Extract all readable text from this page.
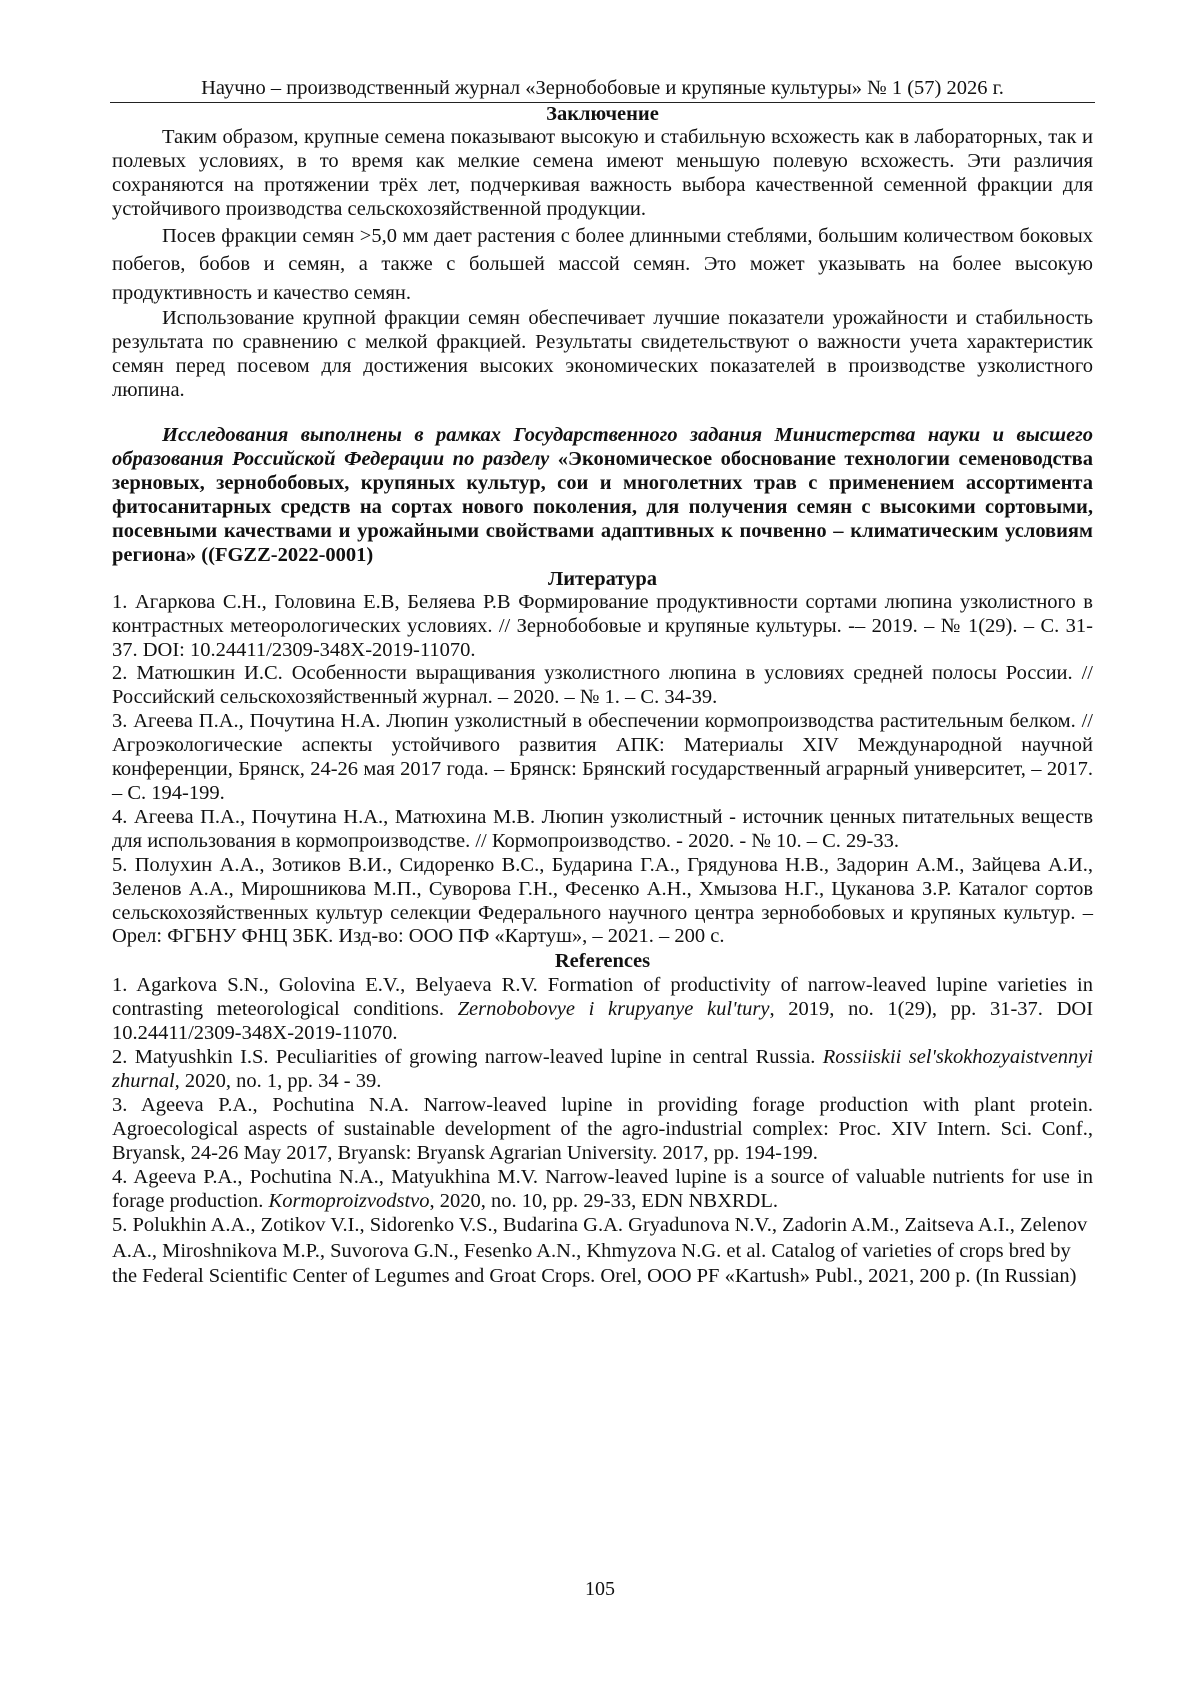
Научно – производственный журнал «Зернобобовые и крупяные культуры» № 1 (57) 2026 г.
Заключение

Таким образом, крупные семена показывают высокую и стабильную всхожесть как в лабораторных, так и полевых условиях, в то время как мелкие семена имеют меньшую полевую всхожесть. Эти различия сохраняются на протяжении трёх лет, подчеркивая важность выбора качественной семенной фракции для устойчивого производства сельскохозяйственной продукции.

Посев фракции семян >5,0 мм дает растения с более длинными стеблями, большим количеством боковых побегов, бобов и семян, а также с большей массой семян. Это может указывать на более высокую продуктивность и качество семян.

Использование крупной фракции семян обеспечивает лучшие показатели урожайности и стабильность результата по сравнению с мелкой фракцией. Результаты свидетельствуют о важности учета характеристик семян перед посевом для достижения высоких экономических показателей в производстве узколистного люпина.

Исследования выполнены в рамках Государственного задания Министерства науки и высшего образования Российской Федерации по разделу «Экономическое обоснование технологии семеноводства зерновых, зернобобовых, крупяных культур, сои и многолетних трав с применением ассортимента фитосанитарных средств на сортах нового поколения, для получения семян с высокими сортовыми, посевными качествами и урожайными свойствами адаптивных к почвенно – климатическим условиям региона» ((FGZZ-2022-0001)

Литература

1. Агаркова С.Н., Головина Е.В, Беляева Р.В Формирование продуктивности сортами люпина узколистного в контрастных метеорологических условиях. // Зернобобовые и крупяные культуры. -– 2019. – № 1(29). – С. 31-37. DOI: 10.24411/2309-348Х-2019-11070.

2. Матюшкин И.С. Особенности выращивания узколистного люпина в условиях средней полосы России. // Российский сельскохозяйственный журнал. – 2020. – № 1. – С. 34-39.

3. Агеева П.А., Почутина Н.А. Люпин узколистный в обеспечении кормопроизводства растительным белком. // Агроэкологические аспекты устойчивого развития АПК: Материалы XIV Международной научной конференции, Брянск, 24-26 мая 2017 года. – Брянск: Брянский государственный аграрный университет, – 2017. – С. 194-199.

4. Агеева П.А., Почутина Н.А., Матюхина М.В. Люпин узколистный - источник ценных питательных веществ для использования в кормопроизводстве. // Кормопроизводство. - 2020. - № 10. – С. 29-33.

5. Полухин А.А., Зотиков В.И., Сидоренко В.С., Бударина Г.А., Грядунова Н.В., Задорин А.М., Зайцева А.И., Зеленов А.А., Мирошникова М.П., Суворова Г.Н., Фесенко А.Н., Хмызова Н.Г., Цуканова З.Р. Каталог сортов сельскохозяйственных культур селекции Федерального научного центра зернобобовых и крупяных культур. – Орел: ФГБНУ ФНЦ ЗБК. Изд-во: ООО ПФ «Картуш», – 2021. – 200 с.

References

1. Agarkova S.N., Golovina E.V., Belyaeva R.V. Formation of productivity of narrow-leaved lupine varieties in contrasting meteorological conditions. Zernobobovye i krupyanye kul'tury, 2019, no. 1(29), pp. 31-37. DOI 10.24411/2309-348X-2019-11070.

2. Matyushkin I.S. Peculiarities of growing narrow-leaved lupine in central Russia. Rossiiskii sel'skokhozyaistvennyi zhurnal, 2020, no. 1, pp. 34 - 39.

3. Ageeva P.A., Pochutina N.A. Narrow-leaved lupine in providing forage production with plant protein. Agroecological aspects of sustainable development of the agro-industrial complex: Proc. XIV Intern. Sci. Conf., Bryansk, 24-26 May 2017, Bryansk: Bryansk Agrarian University. 2017, pp. 194-199.

4. Ageeva P.A., Pochutina N.A., Matyukhina M.V. Narrow-leaved lupine is a source of valuable nutrients for use in forage production. Kormoproizvodstvo, 2020, no. 10, pp. 29-33, EDN NBXRDL.

5. Polukhin A.A., Zotikov V.I., Sidorenko V.S., Budarina G.A. Gryadunova N.V., Zadorin A.M., Zaitseva A.I., Zelenov A.A., Miroshnikova M.P., Suvorova G.N., Fesenko A.N., Khmyzova N.G. et al. Catalog of varieties of crops bred by the Federal Scientific Center of Legumes and Groat Crops. Orel, OOO PF «Kartush» Publ., 2021, 200 p. (In Russian)

105
